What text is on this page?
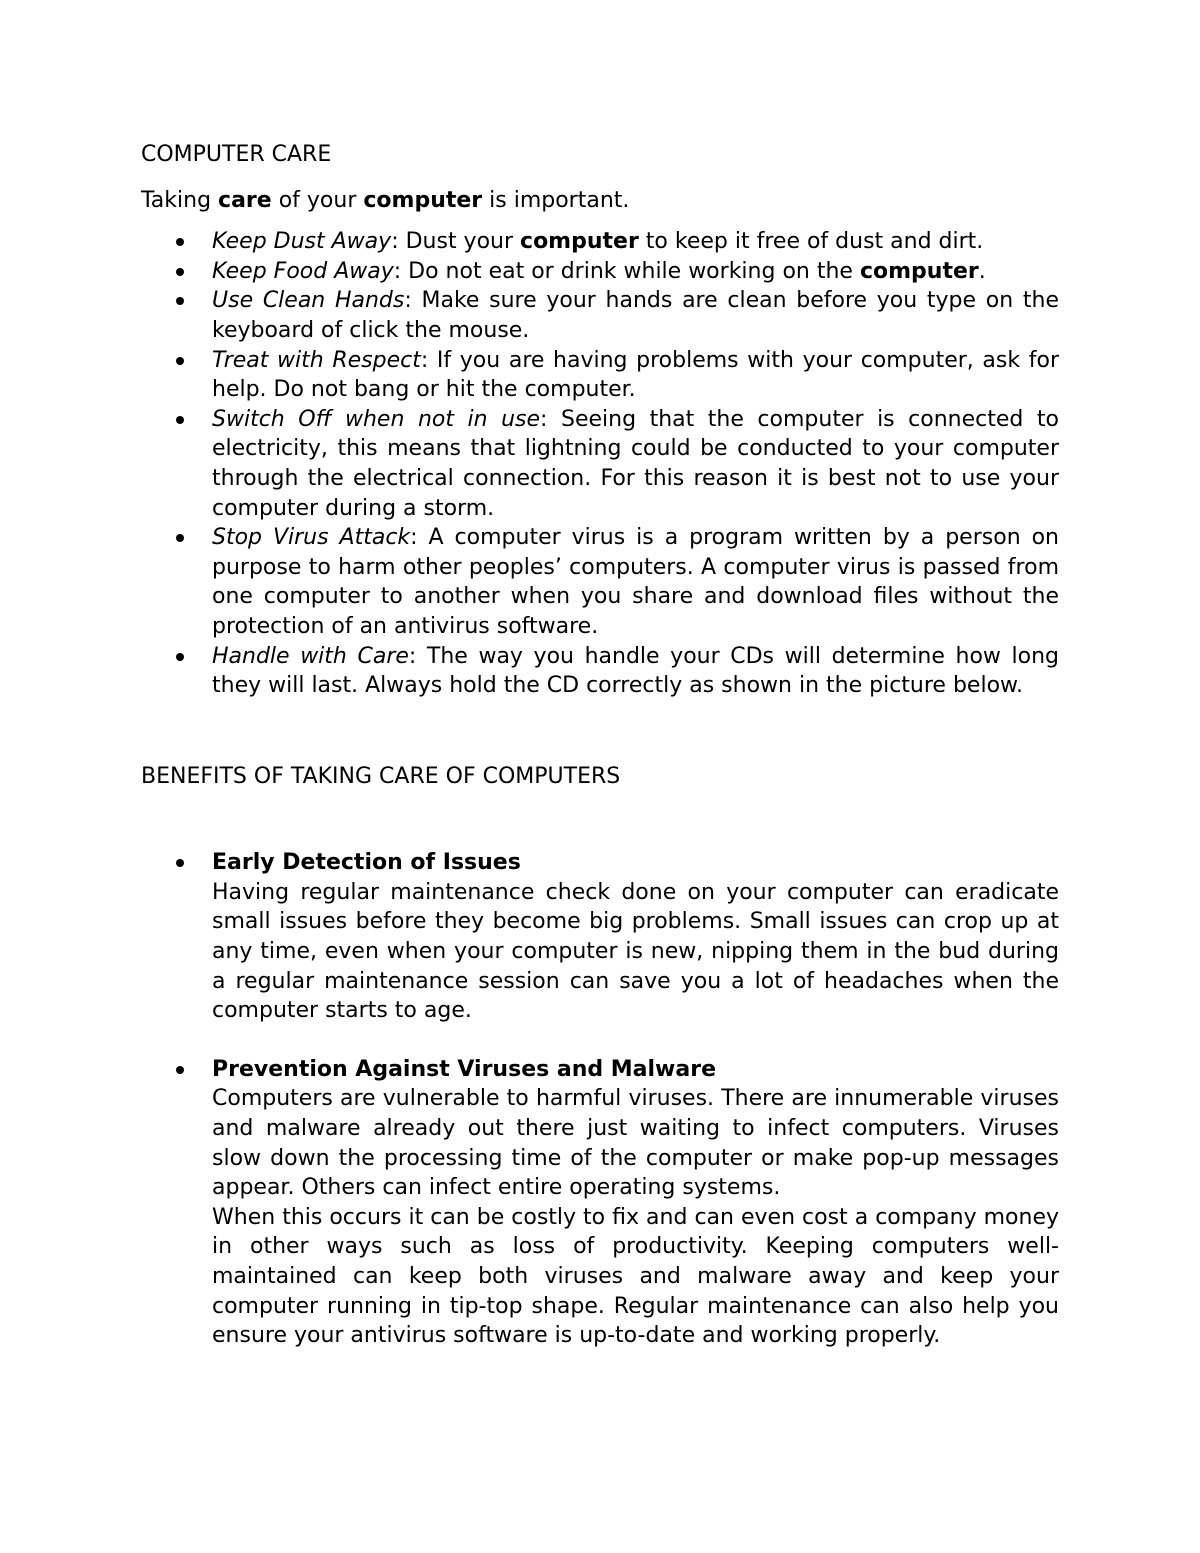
COMPUTER CARE

Taking care of your computer is important.

Keep Dust Away: Dust your computer to keep it free of dust and dirt.
Keep Food Away: Do not eat or drink while working on the computer.
Use Clean Hands: Make sure your hands are clean before you type on the keyboard of click the mouse.
Treat with Respect: If you are having problems with your computer, ask for help. Do not bang or hit the computer.
Switch Off when not in use: Seeing that the computer is connected to electricity, this means that lightning could be conducted to your computer through the electrical connection. For this reason it is best not to use your computer during a storm.
Stop Virus Attack: A computer virus is a program written by a person on purpose to harm other peoples’ computers. A computer virus is passed from one computer to another when you share and download files without the protection of an antivirus software.
Handle with Care: The way you handle your CDs will determine how long they will last. Always hold the CD correctly as shown in the picture below.

BENEFITS OF TAKING CARE OF COMPUTERS

Early Detection of Issues
Having regular maintenance check done on your computer can eradicate small issues before they become big problems. Small issues can crop up at any time, even when your computer is new, nipping them in the bud during a regular maintenance session can save you a lot of headaches when the computer starts to age.
Prevention Against Viruses and Malware
Computers are vulnerable to harmful viruses. There are innumerable viruses and malware already out there just waiting to infect computers. Viruses slow down the processing time of the computer or make pop-up messages appear. Others can infect entire operating systems.
When this occurs it can be costly to fix and can even cost a company money in other ways such as loss of productivity. Keeping computers well-maintained can keep both viruses and malware away and keep your computer running in tip-top shape. Regular maintenance can also help you ensure your antivirus software is up-to-date and working properly.
